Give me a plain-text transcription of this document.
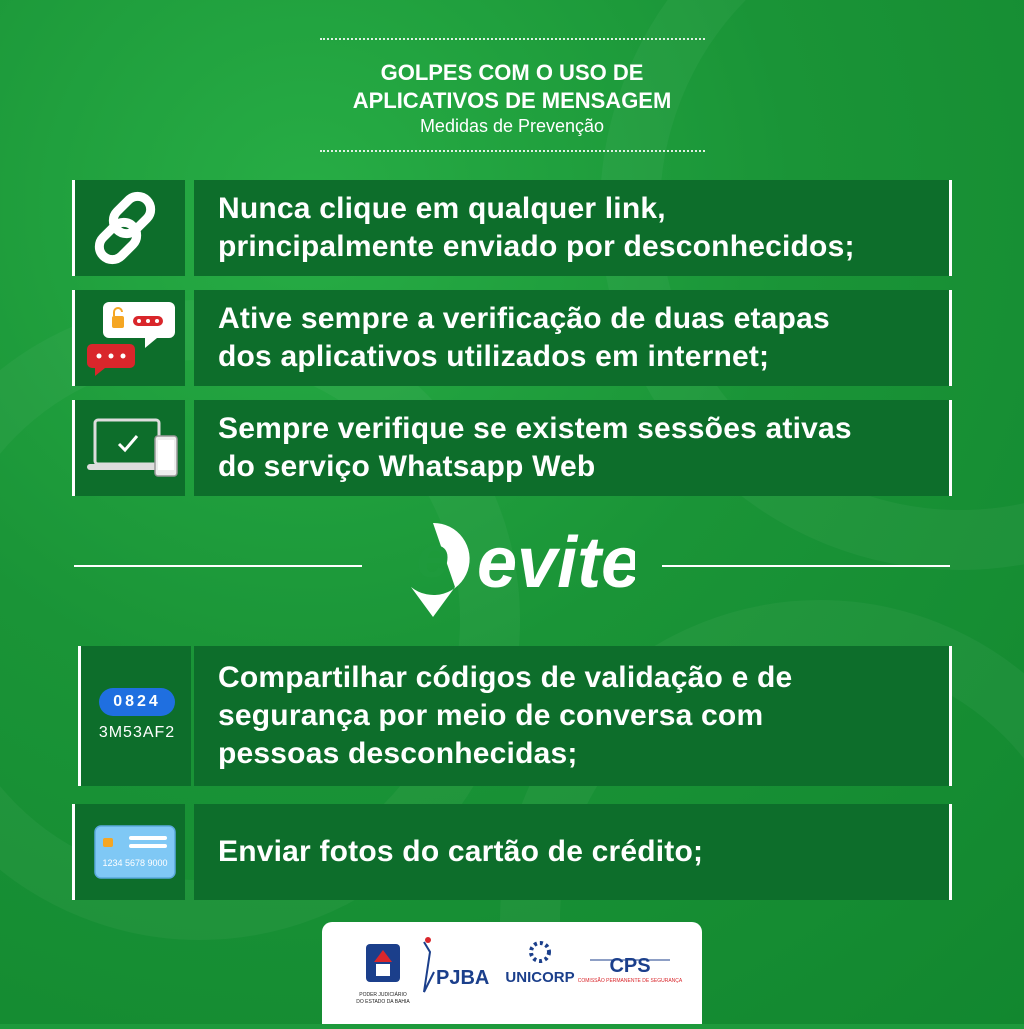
GOLPES COM O USO DE
APLICATIVOS DE MENSAGEM
Medidas de Prevenção
Nunca clique em qualquer link,
principalmente enviado por desconhecidos;
Ative sempre a verificação de duas etapas
dos aplicativos utilizados em internet;
Sempre verifique se existem sessões ativas
do serviço Whatsapp Web
e evite
0824
3M53AF2
Compartilhar códigos de validação e de
segurança por meio de conversa com
pessoas desconhecidas;
1234 5678 9000	Enviar fotos do cartão de crédito;
PODER JUDICIÁRIO
DO ESTADO DA BAHIA
PJBA UNICORP
CPS
COMISSÃO PERMANENTE DE SEGURANÇA
